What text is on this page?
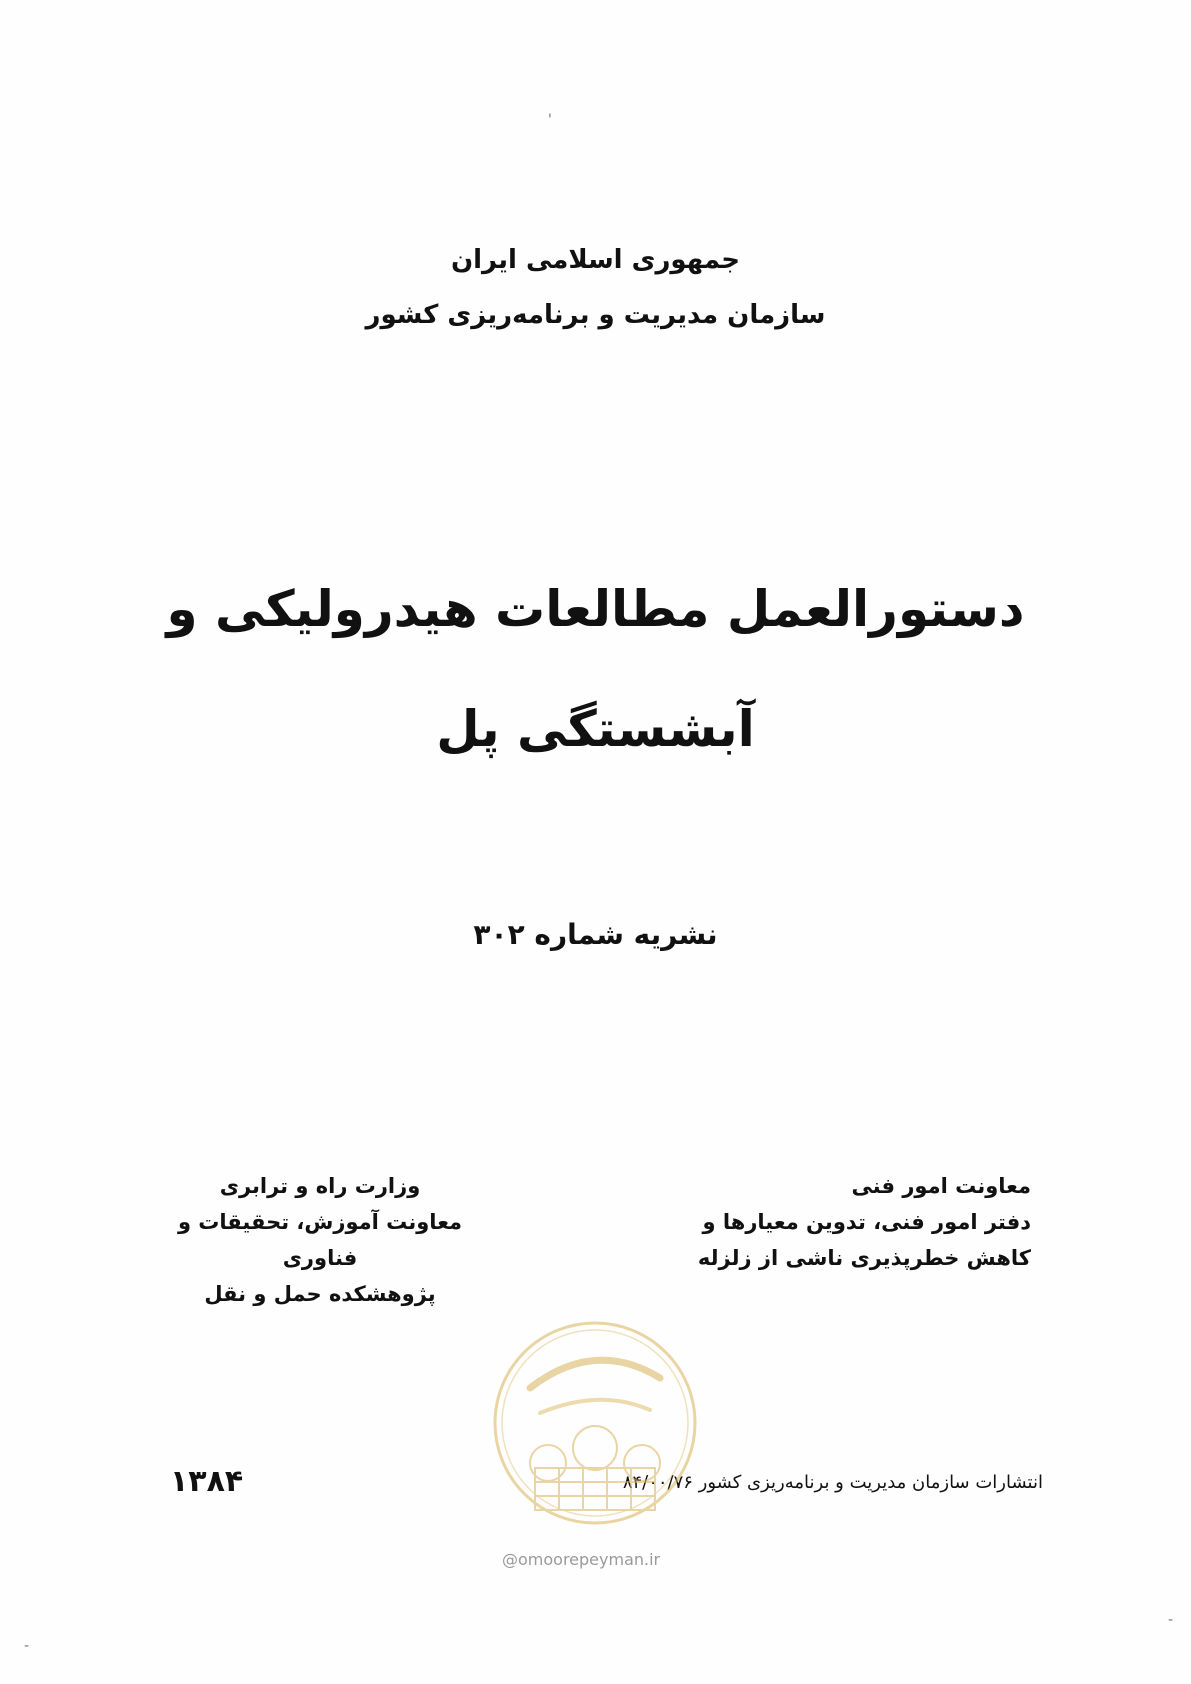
جمهوری اسلامی ایران
سازمان مدیریت و برنامه‌ریزی کشور
دستورالعمل مطالعات هیدرولیکی و
آبشستگی پل
نشریه شماره ۳۰۲
معاونت امور فنی
دفتر امور فنی، تدوین معیارها و
کاهش خطرپذیری ناشی از زلزله
وزارت راه و ترابری
معاونت آموزش، تحقیقات و فناوری
پژوهشکده حمل و نقل
۱۳۸۴	انتشارات سازمان مدیریت و برنامه‌ریزی کشور ۸۴/۰۰/۷۶
@omoorepeyman.ir
'
‐
-
